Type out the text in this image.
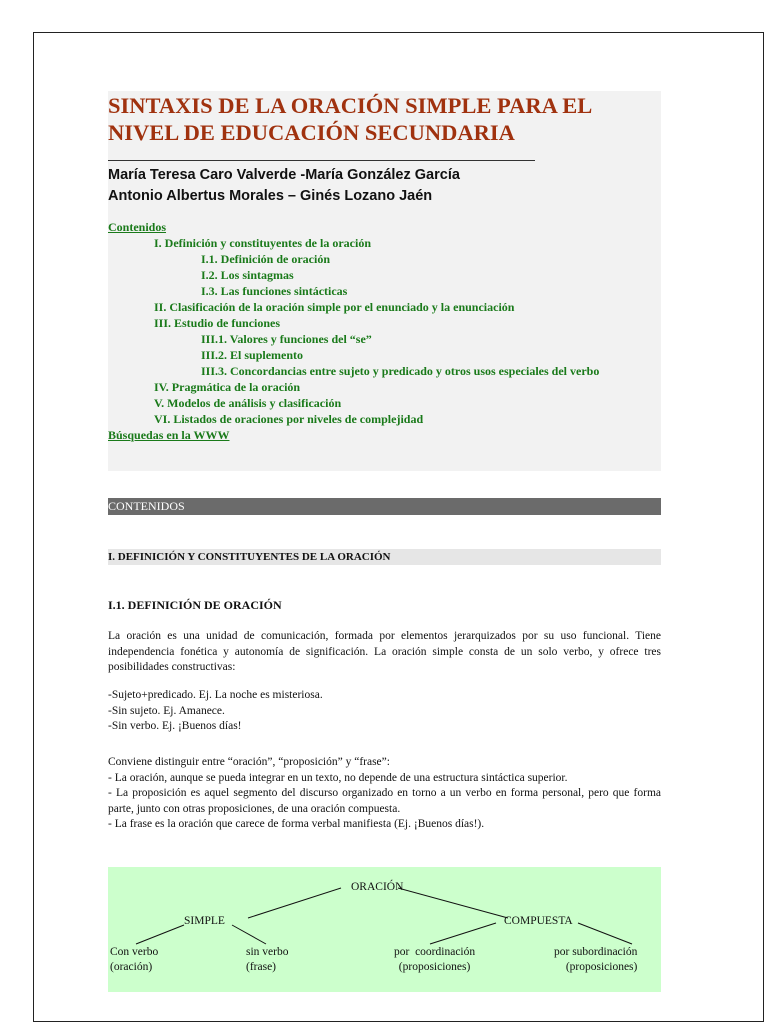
SINTAXIS DE LA ORACIÓN SIMPLE PARA EL NIVEL DE EDUCACIÓN SECUNDARIA
María Teresa Caro Valverde -María González García
Antonio Albertus Morales – Ginés Lozano Jaén
Contenidos
I. Definición y constituyentes de la oración
I.1. Definición de oración
I.2. Los sintagmas
I.3. Las funciones sintácticas
II. Clasificación de la oración simple por el enunciado y la enunciación
III. Estudio de funciones
III.1. Valores y funciones del “se”
III.2. El suplemento
III.3. Concordancias entre sujeto y predicado y otros usos especiales del verbo
IV. Pragmática de la oración
V. Modelos de análisis y clasificación
VI. Listados de oraciones por niveles de complejidad
Búsquedas en la WWW
CONTENIDOS
I. DEFINICIÓN Y CONSTITUYENTES DE LA ORACIÓN
I.1. DEFINICIÓN DE ORACIÓN
La oración es una unidad de comunicación, formada por elementos jerarquizados por su uso funcional. Tiene independencia fonética y autonomía de significación. La oración simple consta de un solo verbo, y ofrece tres posibilidades constructivas:
-Sujeto+predicado. Ej. La noche es misteriosa.
-Sin sujeto. Ej. Amanece.
-Sin verbo. Ej. ¡Buenos días!
Conviene distinguir entre “oración”, “proposición” y “frase”:
- La oración, aunque se pueda integrar en un texto, no depende de una estructura sintáctica superior.
- La proposición es aquel segmento del discurso organizado en torno a un verbo en forma personal, pero que forma parte, junto con otras proposiciones, de una oración compuesta.
- La frase es la oración que carece de forma verbal manifiesta (Ej. ¡Buenos días!).
ORACIÓN
SIMPLE	COMPUESTA
Con verbo
(oración)
sin verbo
(frase)
por  coordinación
(proposiciones)
por subordinación
(proposiciones)
